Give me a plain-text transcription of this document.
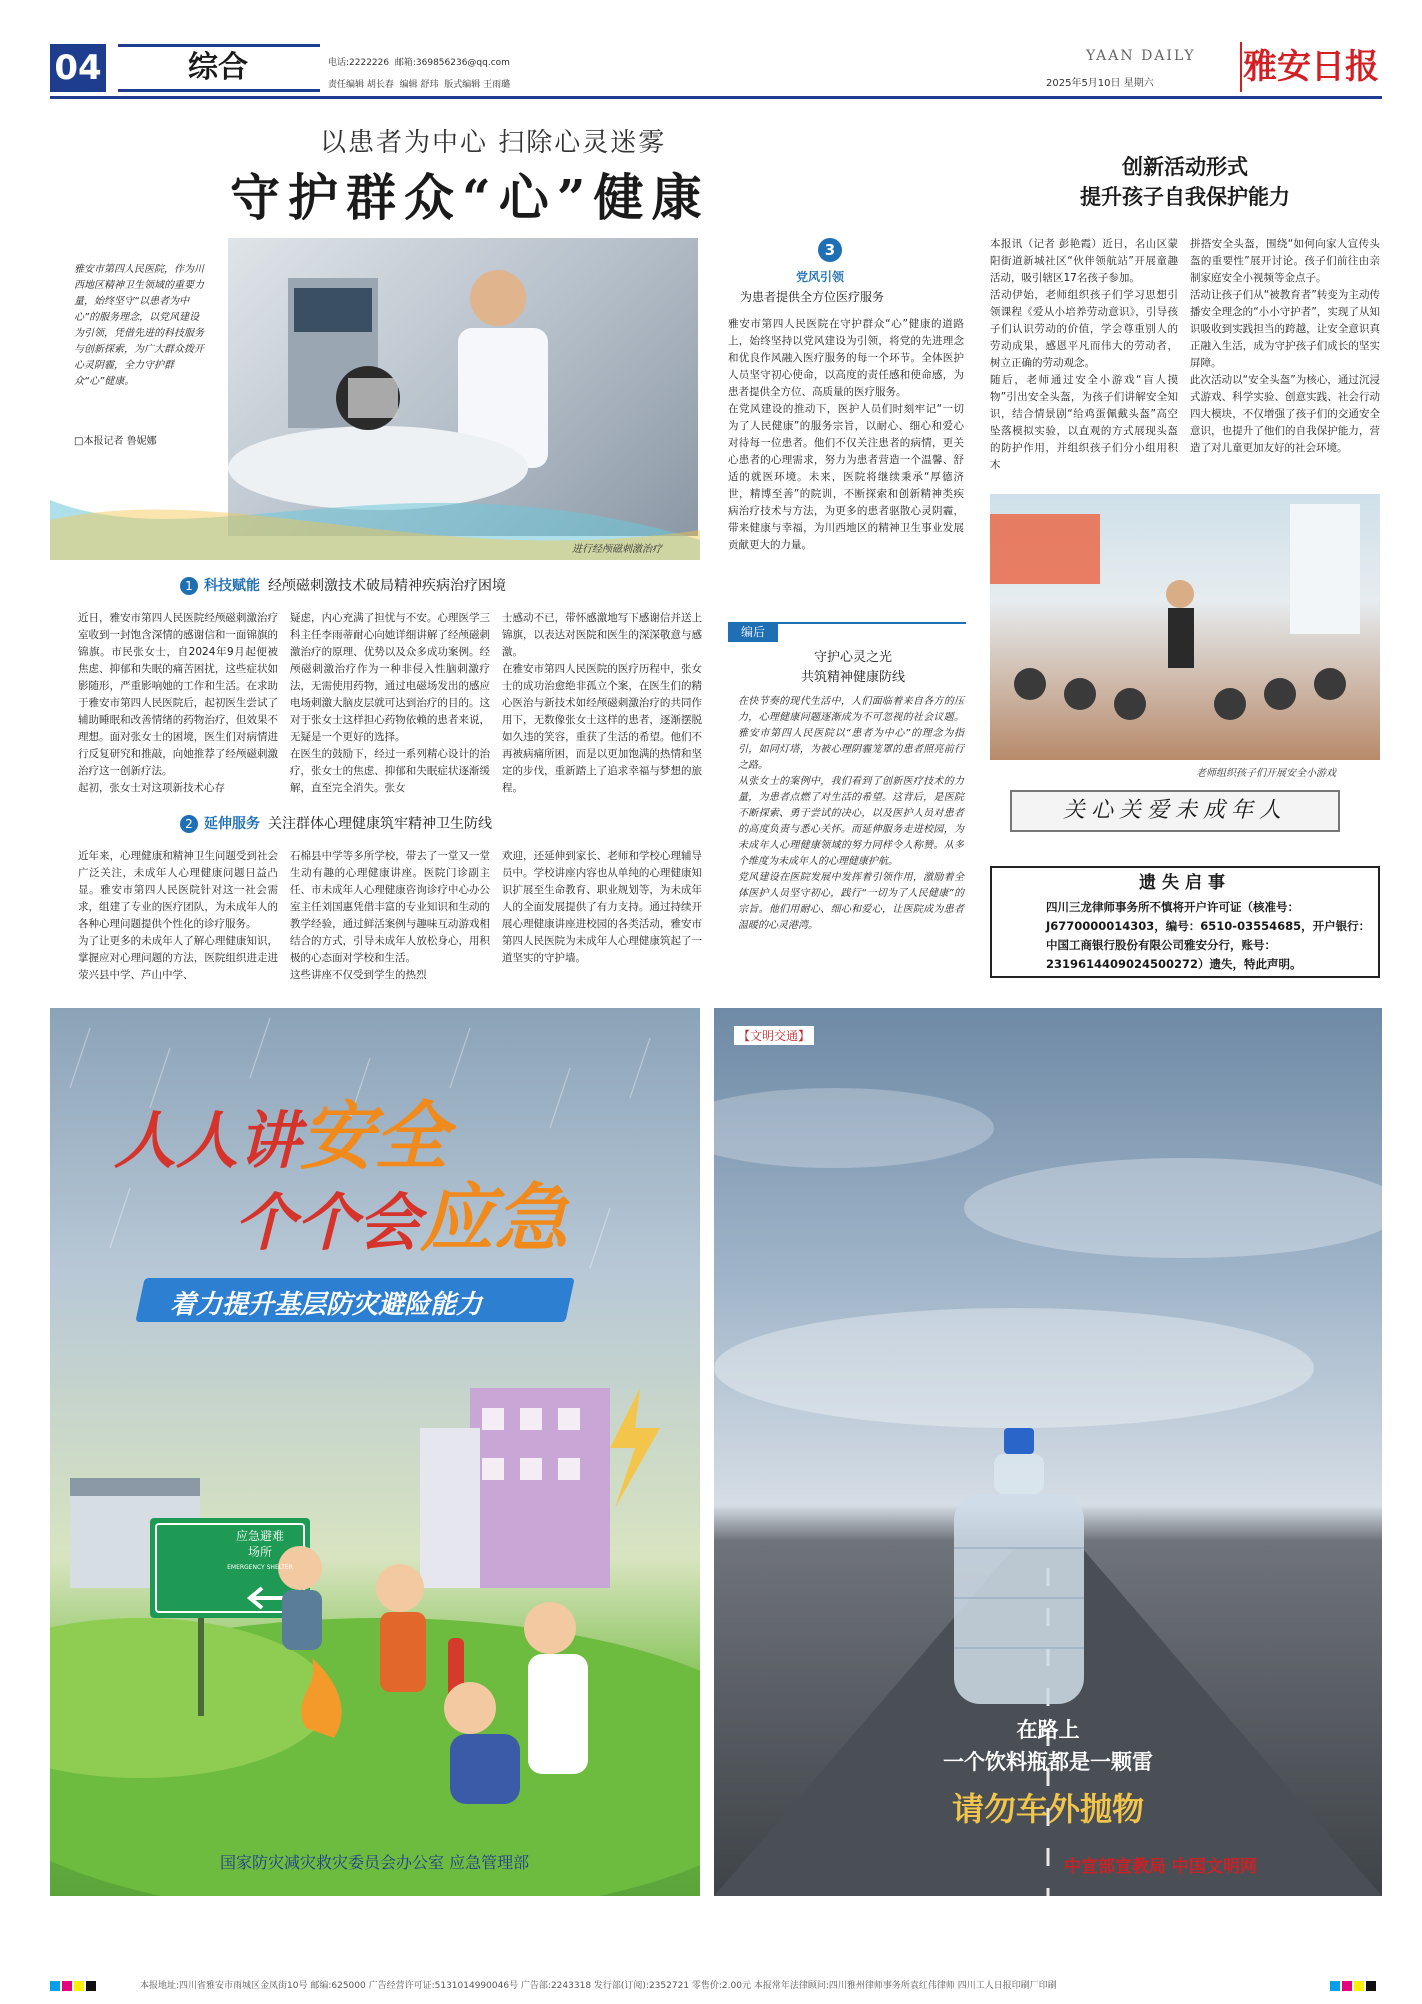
04	综合	电话:2222226 邮箱:369856236@qq.com
责任编辑 胡长春 编辑 舒玮 版式编辑 王雨璐
YAAN DAILY
2025年5月10日 星期六	雅安日报
以患者为中心 扫除心灵迷雾
守护群众“心”健康
雅安市第四人民医院，作为川西地区精神卫生领域的重要力量，始终坚守“以患者为中心”的服务理念，以党风建设为引领，凭借先进的科技服务与创新探索，为广大群众拨开心灵阴霾，全力守护群众“心”健康。
□本报记者 鲁妮娜
进行经颅磁刺激治疗
1 科技赋能 经颅磁刺激技术破局精神疾病治疗困境
近日，雅安市第四人民医院经颅磁刺激治疗室收到一封饱含深情的感谢信和一面锦旗的锦旗。市民张女士，自2024年9月起便被焦虑、抑郁和失眠的痛苦困扰，这些症状如影随形，严重影响她的工作和生活。在求助于雅安市第四人民医院后，起初医生尝试了辅助睡眠和改善情绪的药物治疗，但效果不理想。面对张女士的困境，医生们对病情进行反复研究和推敲，向她推荐了经颅磁刺激治疗这一创新疗法。
起初，张女士对这项新技术心存
疑虑，内心充满了担忧与不安。心理医学三科主任李雨蒂耐心向她详细讲解了经颅磁刺激治疗的原理、优势以及众多成功案例。经颅磁刺激治疗作为一种非侵入性脑刺激疗法，无需使用药物，通过电磁场发出的感应电场刺激大脑皮层就可达到治疗的目的。这对于张女士这样担心药物依赖的患者来说，无疑是一个更好的选择。
在医生的鼓励下，经过一系列精心设计的治疗，张女士的焦虑、抑郁和失眠症状逐渐缓解，直至完全消失。张女
士感动不已，带怀感激地写下感谢信并送上锦旗，以表达对医院和医生的深深敬意与感激。
在雅安市第四人民医院的医疗历程中，张女士的成功治愈绝非孤立个案，在医生们的精心医治与新技术如经颅磁刺激治疗的共同作用下，无数像张女士这样的患者，逐渐摆脱如久违的笑容，重获了生活的希望。他们不再被病痛所困，而是以更加饱满的热情和坚定的步伐，重新踏上了追求幸福与梦想的旅程。
2 延伸服务 关注群体心理健康筑牢精神卫生防线
近年来，心理健康和精神卫生问题受到社会广泛关注，未成年人心理健康问题日益凸显。雅安市第四人民医院针对这一社会需求，组建了专业的医疗团队，为未成年人的各种心理问题提供个性化的诊疗服务。
为了让更多的未成年人了解心理健康知识，掌握应对心理问题的方法，医院组织进走进荥兴县中学、芦山中学、
石棉县中学等多所学校，带去了一堂又一堂生动有趣的心理健康讲座。医院门诊副主任、市未成年人心理健康咨询诊疗中心办公室主任刘国惠凭借丰富的专业知识和生动的教学经验，通过鲜活案例与趣味互动游戏相结合的方式，引导未成年人放松身心，用积极的心态面对学校和生活。
这些讲座不仅受到学生的热烈
欢迎，还延伸到家长、老师和学校心理辅导员中。学校讲座内容也从单纯的心理健康知识扩展至生命教育、职业规划等，为未成年人的全面发展提供了有力支持。通过持续开展心理健康讲座进校园的各类活动，雅安市第四人民医院为未成年人心理健康筑起了一道坚实的守护墙。
3
党风引领
为患者提供全方位医疗服务
雅安市第四人民医院在守护群众“心”健康的道路上，始终坚持以党风建设为引领，将党的先进理念和优良作风融入医疗服务的每一个环节。全体医护人员坚守初心使命，以高度的责任感和使命感，为患者提供全方位、高质量的医疗服务。
在党风建设的推动下，医护人员们时刻牢记“一切为了人民健康”的服务宗旨，以耐心、细心和爱心对待每一位患者。他们不仅关注患者的病情，更关心患者的心理需求，努力为患者营造一个温馨、舒适的就医环境。未来，医院将继续秉承“厚德济世，精博至善”的院训，不断探索和创新精神类疾病治疗技术与方法，为更多的患者驱散心灵阴霾，带来健康与幸福，为川西地区的精神卫生事业发展贡献更大的力量。
编后
守护心灵之光
共筑精神健康防线
在快节奏的现代生活中，人们面临着来自各方的压力，心理健康问题逐渐成为不可忽视的社会议题。雅安市第四人民医院以“患者为中心”的理念为指引，如同灯塔，为被心理阴霾笼罩的患者照亮前行之路。
从张女士的案例中，我们看到了创新医疗技术的力量，为患者点燃了对生活的希望。这背后，是医院不断探索、勇于尝试的决心，以及医护人员对患者的高度负责与悉心关怀。而延伸服务走进校园，为未成年人心理健康领域的努力同样令人称赞。从多个维度为未成年人的心理健康护航。
党风建设在医院发展中发挥着引领作用，激励着全体医护人员坚守初心，践行“一切为了人民健康”的宗旨。他们用耐心、细心和爱心，让医院成为患者温暖的心灵港湾。
创新活动形式
提升孩子自我保护能力
本报讯（记者 彭艳霞）近日，名山区蒙阳街道新城社区“伙伴领航站”开展童趣活动，吸引辖区17名孩子参加。
活动伊始，老师组织孩子们学习思想引领课程《爱从小培养劳动意识》，引导孩子们认识劳动的价值，学会尊重别人的劳动成果，感恩平凡而伟大的劳动者，树立正确的劳动观念。
随后，老师通过安全小游戏“盲人摸物”引出安全头盔，为孩子们讲解安全知识，结合情景剧“给鸡蛋佩戴头盔”高空坠落模拟实验，以直观的方式展现头盔的防护作用，并组织孩子们分小组用积木
拼搭安全头盔，围绕“如何向家人宣传头盔的重要性”展开讨论。孩子们前往由亲制家庭安全小视频等金点子。
活动让孩子们从“被教育者”转变为主动传播安全理念的“小小守护者”，实现了从知识吸收到实践担当的跨越，让安全意识真正融入生活，成为守护孩子们成长的坚实屏障。
此次活动以“安全头盔”为核心，通过沉浸式游戏、科学实验、创意实践、社会行动四大模块，不仅增强了孩子们的交通安全意识，也提升了他们的自我保护能力，营造了对儿童更加友好的社会环境。
老师组织孩子们开展安全小游戏
关心关爱未成年人
遗失启事
四川三龙律师事务所不慎将开户许可证（核准号：J6770000014303，编号：6510-03554685，开户银行：中国工商银行股份有限公司雅安分行，账号：2319614409024500272）遗失，特此声明。
人人讲安全
个个会应急
着力提升基层防灾避险能力
应急避难
场所
EMERGENCY SHELTER
国家防灾减灾救灾委员会办公室 应急管理部
【文明交通】
在路上
一个饮料瓶都是一颗雷
请勿车外抛物
中宣部宣教局 中国文明网
本报地址:四川省雅安市雨城区金凤街10号 邮编:625000 广告经营许可证:5131014990046号 广告部:2243318 发行部(订阅):2352721 零售价:2.00元 本报常年法律顾问:四川雅州律师事务所袁红伟律师 四川工人日报印刷厂印刷
